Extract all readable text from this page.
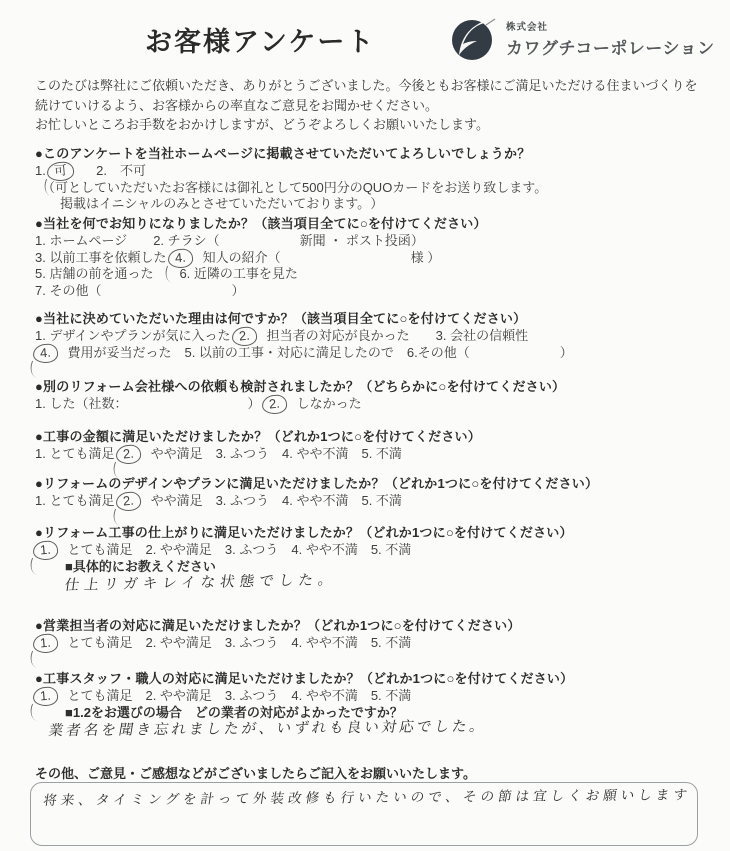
お客様アンケート	株式会社
カワグチコーポレーション
このたびは弊社にご依頼いただき、ありがとうございました。今後ともお客様にご満足いただける住まいづくりを
続けていけるよう、お客様からの率直なご意見をお聞かせください。
お忙しいところお手数をおかけしますが、どうぞよろしくお願いいたします。
●このアンケートを当社ホームページに掲載させていただいてよろしいでしょうか？
1. 可 2.　不可
（可としていただいたお客様には御礼として500円分のQUOカードをお送り致します。
掲載はイニシャルのみとさせていただいております。）
●当社を何でお知りになりましたか？（該当項目全てに○を付けてください）
1. ホームページ　　2. チラシ（	新聞 ・ ポスト投函）
3. 以前工事を依頼した 4. 知人の紹介（	様 ）
5. 店舗の前を通った　　6. 近隣の工事を見た
7. その他（	）
●当社に決めていただいた理由は何ですか？（該当項目全てに○を付けてください）
1. デザインやプランが気に入った 2. 担当者の対応が良かった　　3. 会社の信頼性
4. 費用が妥当だった　5. 以前の工事・対応に満足したので　6.その他（	）
●別のリフォーム会社様への依頼も検討されましたか？（どちらかに○を付けてください）
1. した（社数：	） 2. しなかった
●工事の金額に満足いただけましたか？（どれか1つに○を付けてください）
1. とても満足 2. やや満足　3. ふつう　4. やや不満　5. 不満
●リフォームのデザインやプランに満足いただけましたか？（どれか1つに○を付けてください）
1. とても満足 2. やや満足　3. ふつう　4. やや不満　5. 不満
●リフォーム工事の仕上がりに満足いただけましたか？（どれか1つに○を付けてください）
1. とても満足　2. やや満足　3. ふつう　4. やや不満　5. 不満
■具体的にお教えください
仕上リガキレイな状態でした。
●営業担当者の対応に満足いただけましたか？（どれか1つに○を付けてください）
1. とても満足　2. やや満足　3. ふつう　4. やや不満　5. 不満
●工事スタッフ・職人の対応に満足いただけましたか？（どれか1つに○を付けてください）
1. とても満足　2. やや満足　3. ふつう　4. やや不満　5. 不満
■1.2をお選びの場合　どの業者の対応がよかったですか？
業者名を聞き忘れましたが、いずれも良い対応でした。
その他、ご意見・ご感想などがございましたらご記入をお願いいたします。
将来、タイミングを計って外装改修も行いたいので、その節は宜しくお願いします
